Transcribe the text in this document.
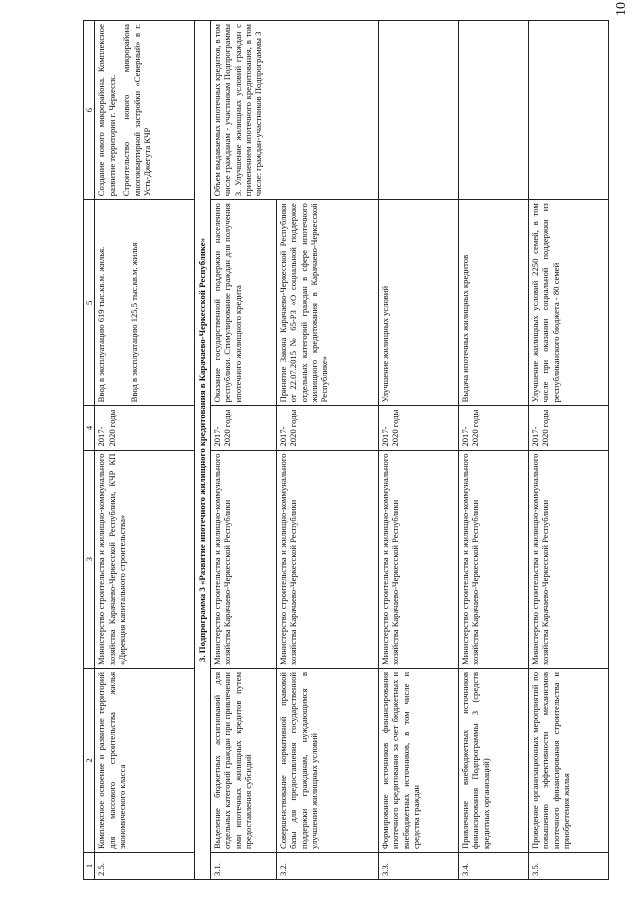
10
1	2	3	4	5	6
2.5.	Комплексное освоение и развитие территорий для массового строительства жилья экономического класса	Министерство строительства и жилищно-коммунального хозяйства Карачаево-Черкесской Республики, КЧР КП «Дирекция капитального строительства»	2017-2020 годы	Ввод в эксплуатацию 619 тыс.кв.м. жилья. Ввод в эксплуатацию 125,5 тыс.кв.м. жилья	Создание нового микрорайона. Комплексное развитие территории г. Черкесск. Строительство нового микрорайона многоквартирной застройки «Северный» в г. Усть-Джегута КЧР

3. Подпрограмма 3 «Развитие ипотечного жилищного кредитования в Карачаево-Черкесской Республике»					
3.1.	Выделение бюджетных ассигнований для отдельных категорий граждан при привлечении ими ипотечных жилищных кредитов путем предоставления субсидий	Министерство строительства и жилищно-коммунального хозяйства Карачаево-Черкесской Республики	2017-2020 годы	Оказание государственной поддержки населению республики. Стимулирование граждан для получения ипотечного жилищного кредита	Объем выдаваемых ипотечных кредитов, в том числе гражданам - участникам Подпрограммы 3. Улучшение жилищных условий граждан с применением ипотечного кредитования, в том числе: граждан-участников Подпрограммы 3
3.2.	Совершенствование нормативной правовой базы для предоставления государственной поддержки гражданам, нуждающимся в улучшении жилищных условий	Министерство строительства и жилищно-коммунального хозяйства Карачаево-Черкесской Республики	2017-2020 годы	Принятие Закона Карачаево-Черкесской Республики от 22.07.2015 № 65-РЗ «О социальной поддержке отдельных категорий граждан в сфере ипотечного жилищного кредитования в Карачаево-Черкесской Республике»	
3.3.	Формирование источников финансирования ипотечного кредитования за счет бюджетных и внебюджетных источников, в том числе и средства граждан	Министерство строительства и жилищно-коммунального хозяйства Карачаево-Черкесской Республики	2017-2020 годы	Улучшение жилищных условий	
3.4.	Привлечение внебюджетных источников финансирования Подпрограммы 3 (средств кредитных организаций)	Министерство строительства и жилищно-коммунального хозяйства Карачаево-Черкесской Республики	2017-2020 годы	Выдача ипотечных жилищных кредитов	
3.5.	Проведение организационных мероприятий по повышению эффективности механизмов ипотечного финансирования строительства и приобретения жилья	Министерство строительства и жилищно-коммунального хозяйства Карачаево-Черкесской Республики	2017-2020 годы	Улучшение жилищных условий 2250 семей, в том числе при оказании социальной поддержки из республиканского бюджета - 80 семей	
